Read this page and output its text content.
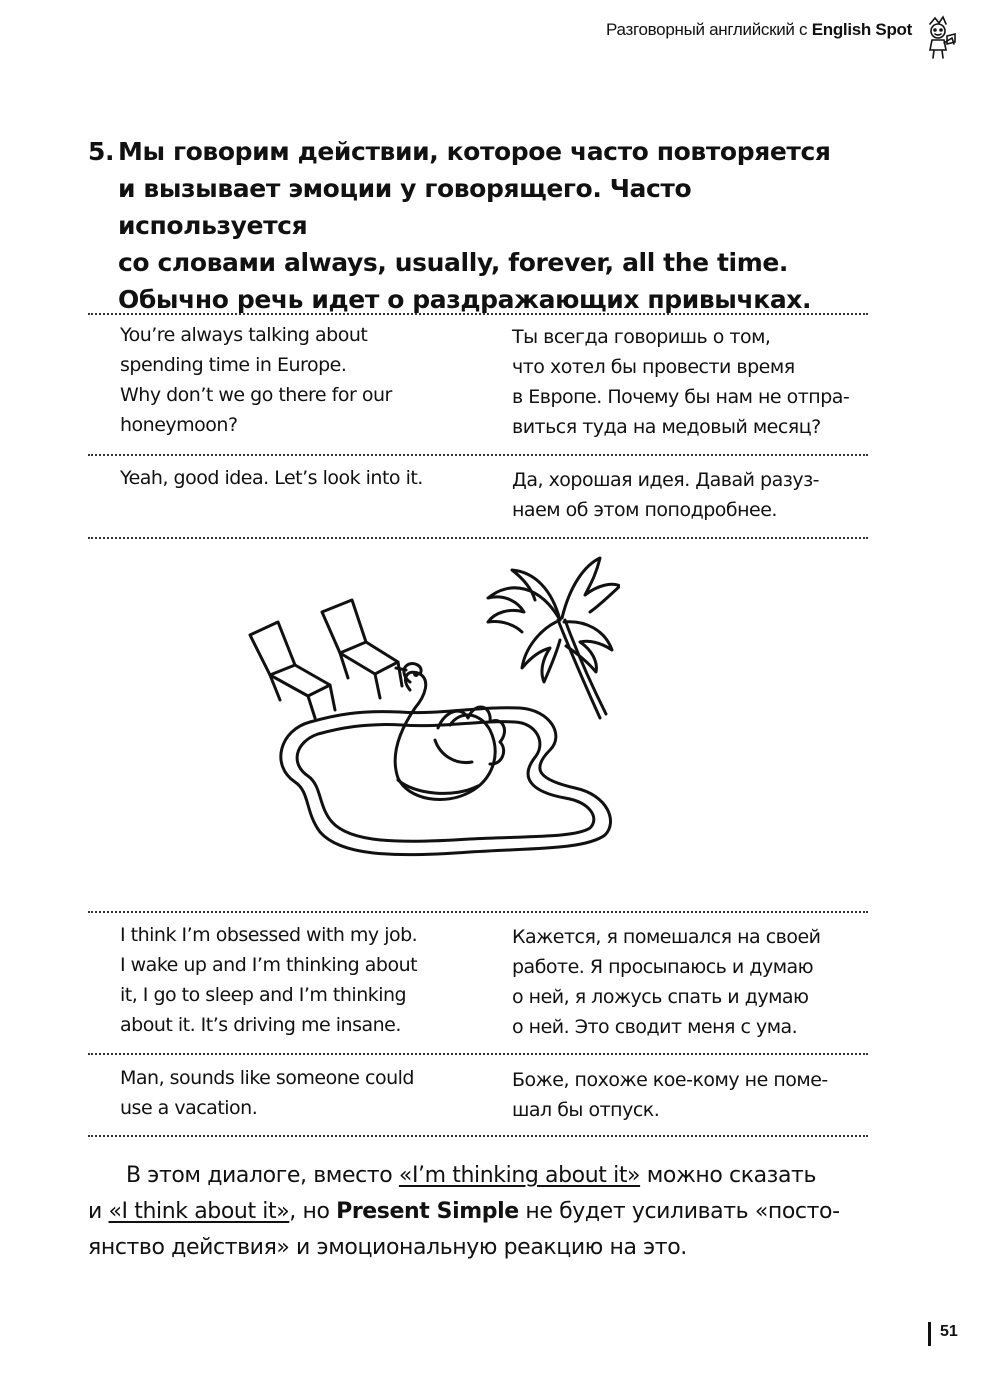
Разговорный английский с English Spot
5. Мы говорим действии, которое часто повторяется
и вызывает эмоции у говорящего. Часто используется
со словами always, usually, forever, all the time.
Обычно речь идет о раздражающих привычках.
You’re always talking about
spending time in Europe.
Why don’t we go there for our
honeymoon?
Ты всегда говоришь о том,
что хотел бы провести время
в Европе. Почему бы нам не отпра-
виться туда на медовый месяц?
Yeah, good idea. Let’s look into it.	Да, хорошая идея. Давай разуз-
наем об этом поподробнее.
I think I’m obsessed with my job.
I wake up and I’m thinking about
it, I go to sleep and I’m thinking
about it. It’s driving me insane.
Кажется, я помешался на своей
работе. Я просыпаюсь и думаю
о ней, я ложусь спать и думаю
о ней. Это сводит меня с ума.
Man, sounds like someone could
use a vacation.
Боже, похоже кое-кому не поме-
шал бы отпуск.

В этом диалоге, вместо «I’m thinking about it» можно сказать
и «I think about it», но Present Simple не будет усиливать «посто-
янство действия» и эмоциональную реакцию на это.

51
